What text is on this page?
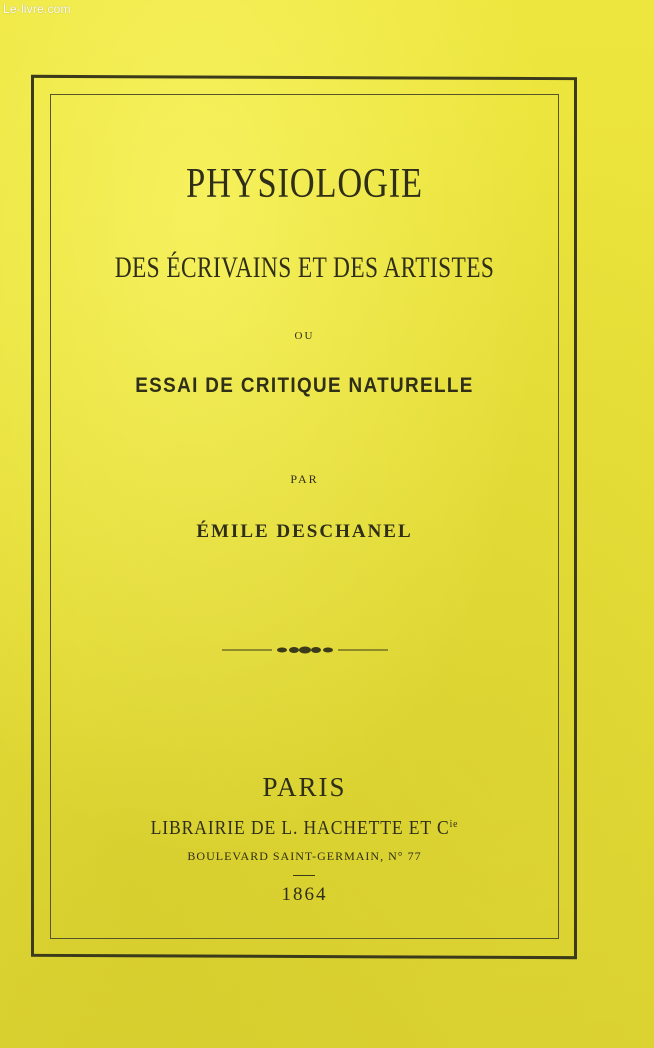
Le-livre.com
PHYSIOLOGIE
DES ÉCRIVAINS ET DES ARTISTES
OU
ESSAI DE CRITIQUE NATURELLE
PAR
ÉMILE DESCHANEL
PARIS
LIBRAIRIE DE L. HACHETTE ET $C^{ie}$
BOULEVARD SAINT-GERMAIN, N° 77
1864
